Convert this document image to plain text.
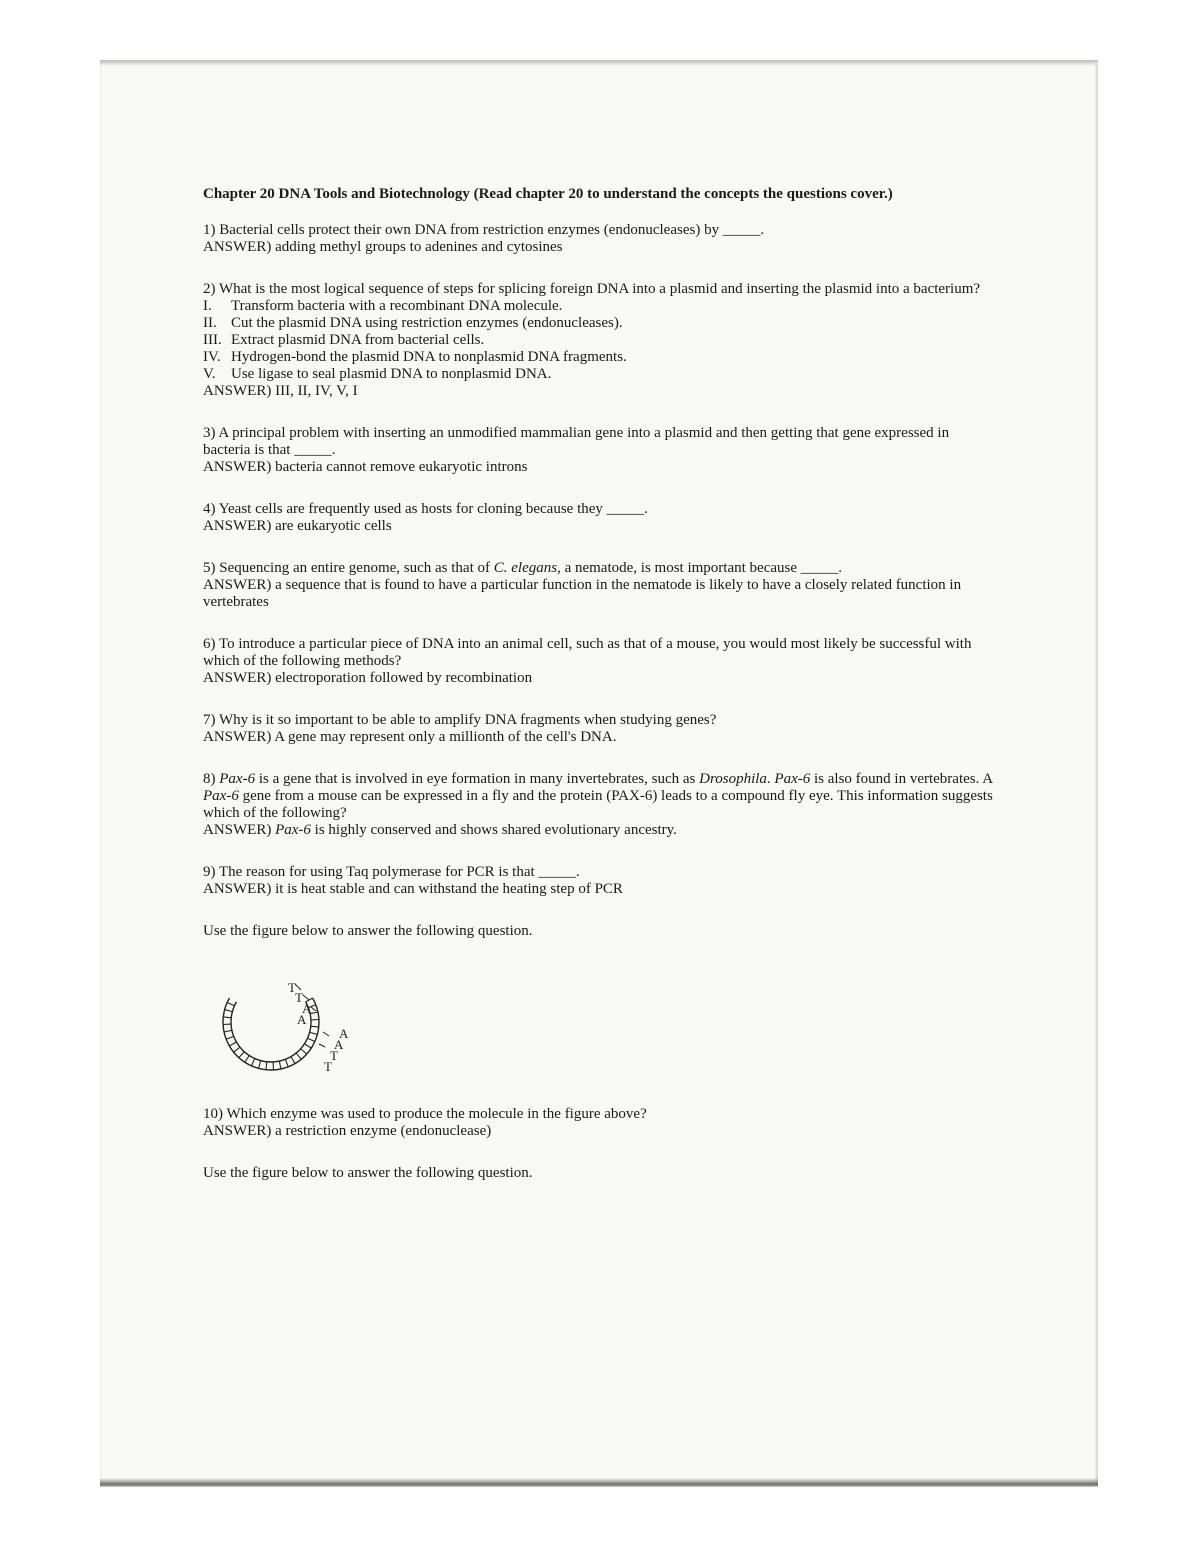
Chapter 20 DNA Tools and Biotechnology (Read chapter 20 to understand the concepts the questions cover.)

1) Bacterial cells protect their own DNA from restriction enzymes (endonucleases) by _____.

ANSWER) adding methyl groups to adenines and cytosines

2) What is the most logical sequence of steps for splicing foreign DNA into a plasmid and inserting the plasmid into a bacterium?

I. Transform bacteria with a recombinant DNA molecule.
II. Cut the plasmid DNA using restriction enzymes (endonucleases).
III. Extract plasmid DNA from bacterial cells.
IV. Hydrogen-bond the plasmid DNA to nonplasmid DNA fragments.
V. Use ligase to seal plasmid DNA to nonplasmid DNA.

ANSWER) III, II, IV, V, I

3) A principal problem with inserting an unmodified mammalian gene into a plasmid and then getting that gene expressed in bacteria is that _____.

ANSWER) bacteria cannot remove eukaryotic introns

4) Yeast cells are frequently used as hosts for cloning because they _____.

ANSWER) are eukaryotic cells

5) Sequencing an entire genome, such as that of C. elegans, a nematode, is most important because _____.

ANSWER) a sequence that is found to have a particular function in the nematode is likely to have a closely related function in vertebrates

6) To introduce a particular piece of DNA into an animal cell, such as that of a mouse, you would most likely be successful with which of the following methods?

ANSWER) electroporation followed by recombination

7) Why is it so important to be able to amplify DNA fragments when studying genes?

ANSWER) A gene may represent only a millionth of the cell's DNA.

8) Pax-6 is a gene that is involved in eye formation in many invertebrates, such as Drosophila. Pax-6 is also found in vertebrates. A Pax-6 gene from a mouse can be expressed in a fly and the protein (PAX-6) leads to a compound fly eye. This information suggests which of the following?

ANSWER) Pax-6 is highly conserved and shows shared evolutionary ancestry.

9) The reason for using Taq polymerase for PCR is that _____.

ANSWER) it is heat stable and can withstand the heating step of PCR

Use the figure below to answer the following question.

T
T
A
A
A
A
T
T

10) Which enzyme was used to produce the molecule in the figure above?

ANSWER) a restriction enzyme (endonuclease)

Use the figure below to answer the following question.
